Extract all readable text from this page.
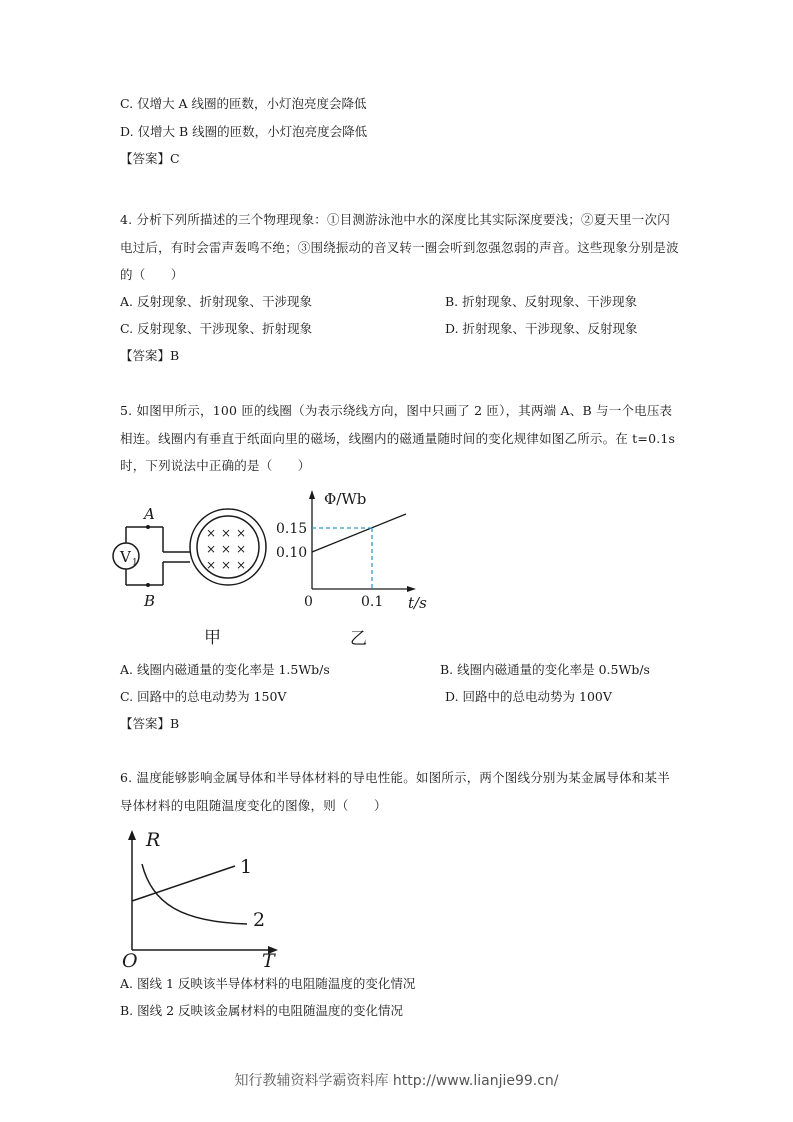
C. 仅增大 A 线圈的匝数，小灯泡亮度会降低
D. 仅增大 B 线圈的匝数，小灯泡亮度会降低
【答案】C
4. 分析下列所描述的三个物理现象：①目测游泳池中水的深度比其实际深度要浅；②夏天里一次闪电过后，有时会雷声轰鸣不绝；③围绕振动的音叉转一圈会听到忽强忽弱的声音。这些现象分别是波的（　　）
A. 反射现象、折射现象、干涉现象	B. 折射现象、反射现象、干涉现象
C. 反射现象、干涉现象、折射现象	D. 折射现象、干涉现象、反射现象
【答案】B
5. 如图甲所示，100 匝的线圈（为表示绕线方向，图中只画了 2 匝），其两端 A、B 与一个电压表相连。线圈内有垂直于纸面向里的磁场，线圈内的磁通量随时间的变化规律如图乙所示。在 t=0.1s 时，下列说法中正确的是（　　）
V 1
A
B
× × ×
× × ×
× × ×
甲
Φ/Wb
0.15
0.10
0	0.1 t/s
乙
A. 线圈内磁通量的变化率是 1.5Wb/s	B. 线圈内磁通量的变化率是 0.5Wb/s
C. 回路中的总电动势为 150V	D. 回路中的总电动势为 100V
【答案】B
6. 温度能够影响金属导体和半导体材料的导电性能。如图所示，两个图线分别为某金属导体和某半导体材料的电阻随温度变化的图像，则（　　）
R
1
2
O	T
A. 图线 1 反映该半导体材料的电阻随温度的变化情况
B. 图线 2 反映该金属材料的电阻随温度的变化情况
知行教辅资料学霸资料库 http://www.lianjie99.cn/
